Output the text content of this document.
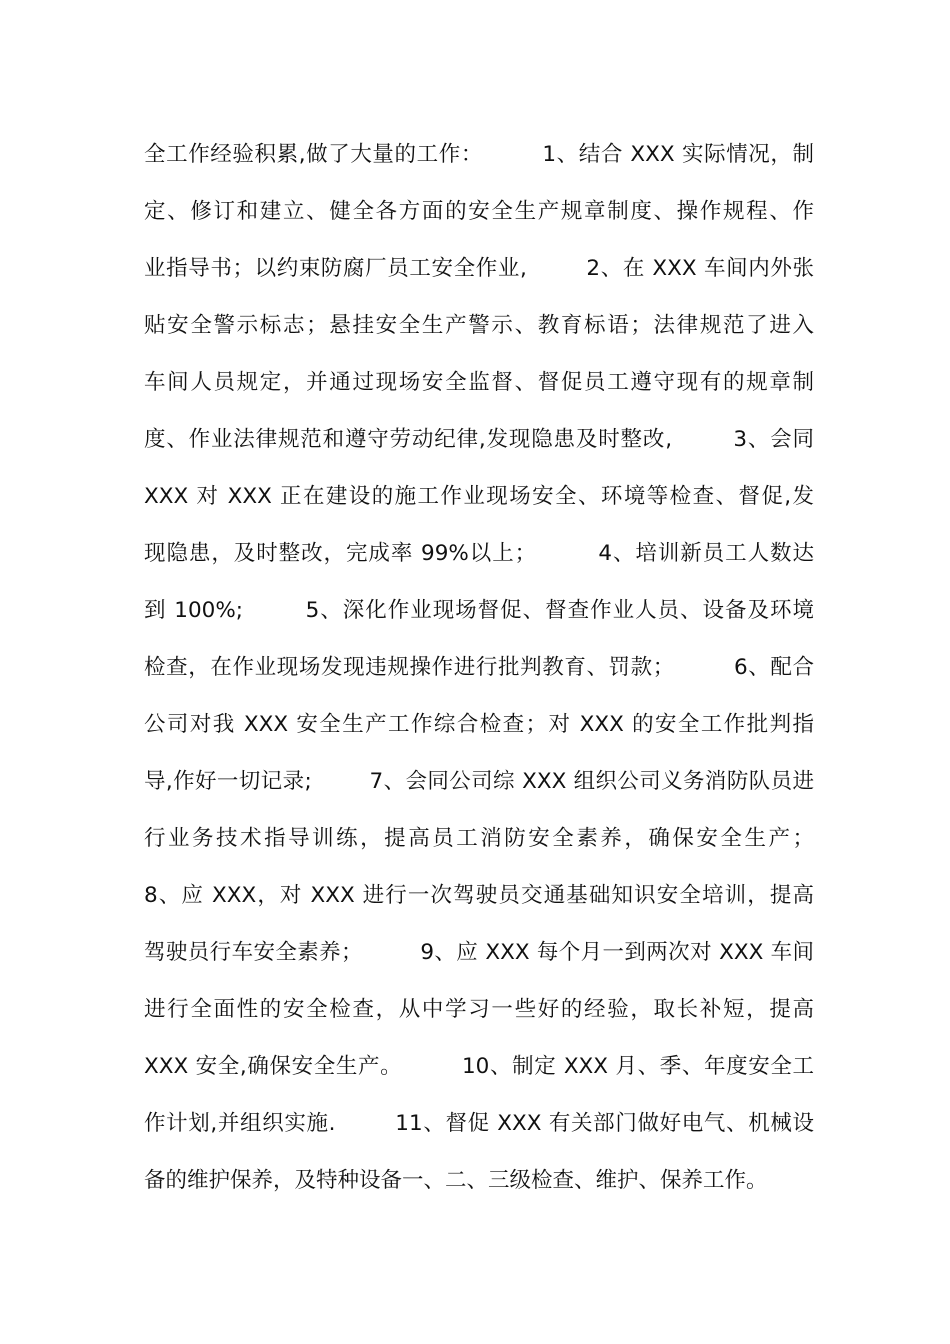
全工作经验积累,做了大量的工作：        1、结合 XXX 实际情况，制
定、修订和建立、健全各方面的安全生产规章制度、操作规程、作
业指导书；以约束防腐厂员工安全作业,        2、在 XXX 车间内外张
贴安全警示标志；悬挂安全生产警示、教育标语；法律规范了进入
车间人员规定，并通过现场安全监督、督促员工遵守现有的规章制
度、作业法律规范和遵守劳动纪律,发现隐患及时整改,        3、会同
XXX 对 XXX 正在建设的施工作业现场安全、环境等检查、督促,发
现隐患，及时整改，完成率 99%以上；        4、培训新员工人数达
到 100%;        5、深化作业现场督促、督查作业人员、设备及环境
检查，在作业现场发现违规操作进行批判教育、罚款；        6、配合
公司对我 XXX 安全生产工作综合检查；对 XXX 的安全工作批判指
导,作好一切记录;        7、会同公司综 XXX 组织公司义务消防队员进
行业务技术指导训练，提高员工消防安全素养，确保安全生产；
8、应 XXX，对 XXX 进行一次驾驶员交通基础知识安全培训，提高
驾驶员行车安全素养；        9、应 XXX 每个月一到两次对 XXX 车间
进行全面性的安全检查，从中学习一些好的经验，取长补短，提高
XXX 安全,确保安全生产。        10、制定 XXX 月、季、年度安全工
作计划,并组织实施.        11、督促 XXX 有关部门做好电气、机械设
备的维护保养，及特种设备一、二、三级检查、维护、保养工作。
